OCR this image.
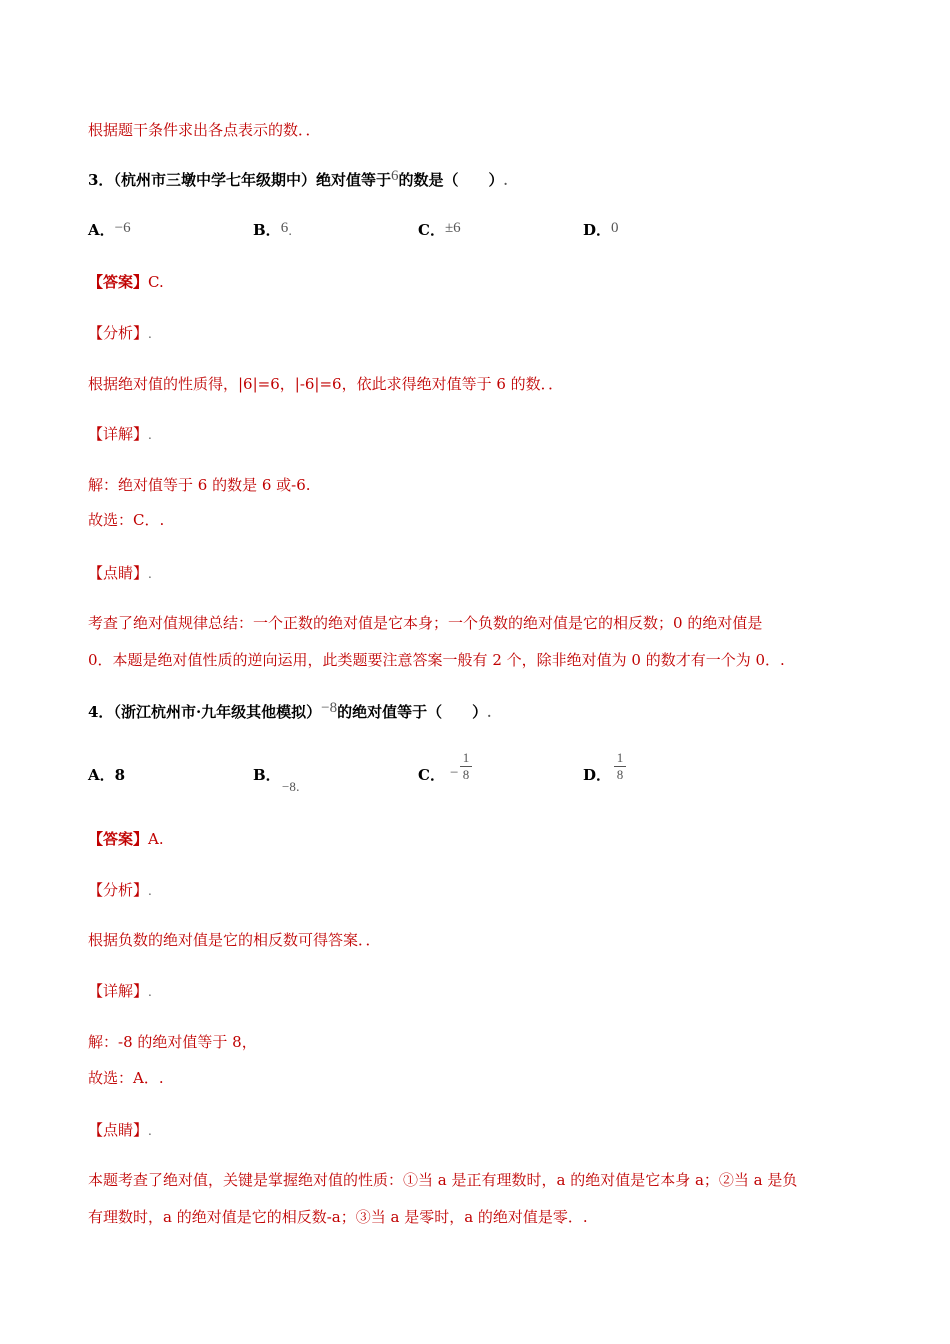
根据题干条件求出各点表示的数．．
3．（杭州市三墩中学七年级期中）绝对值等于6的数是（　　）.
A．−6	B．6.	C．±6	D．0
【答案】C.
【分析】.
根据绝对值的性质得，|6|=6，|-6|=6，依此求得绝对值等于 6 的数．．
【详解】.
解：绝对值等于 6 的数是 6 或-6.
故选：C．.
【点睛】.
考查了绝对值规律总结：一个正数的绝对值是它本身；一个负数的绝对值是它的相反数；0 的绝对值是
0．本题是绝对值性质的逆向运用，此类题要注意答案一般有 2 个，除非绝对值为 0 的数才有一个为 0．.
4．（浙江杭州市·九年级其他模拟）−8的绝对值等于（　　）.
A．8	B．
−8.
C． −
1
8	D．
1
8
【答案】A.
【分析】.
根据负数的绝对值是它的相反数可得答案．．
【详解】.
解：-8 的绝对值等于 8，
故选：A．.
【点睛】.
本题考查了绝对值，关键是掌握绝对值的性质：①当 a 是正有理数时，a 的绝对值是它本身 a；②当 a 是负
有理数时，a 的绝对值是它的相反数-a；③当 a 是零时，a 的绝对值是零．.
